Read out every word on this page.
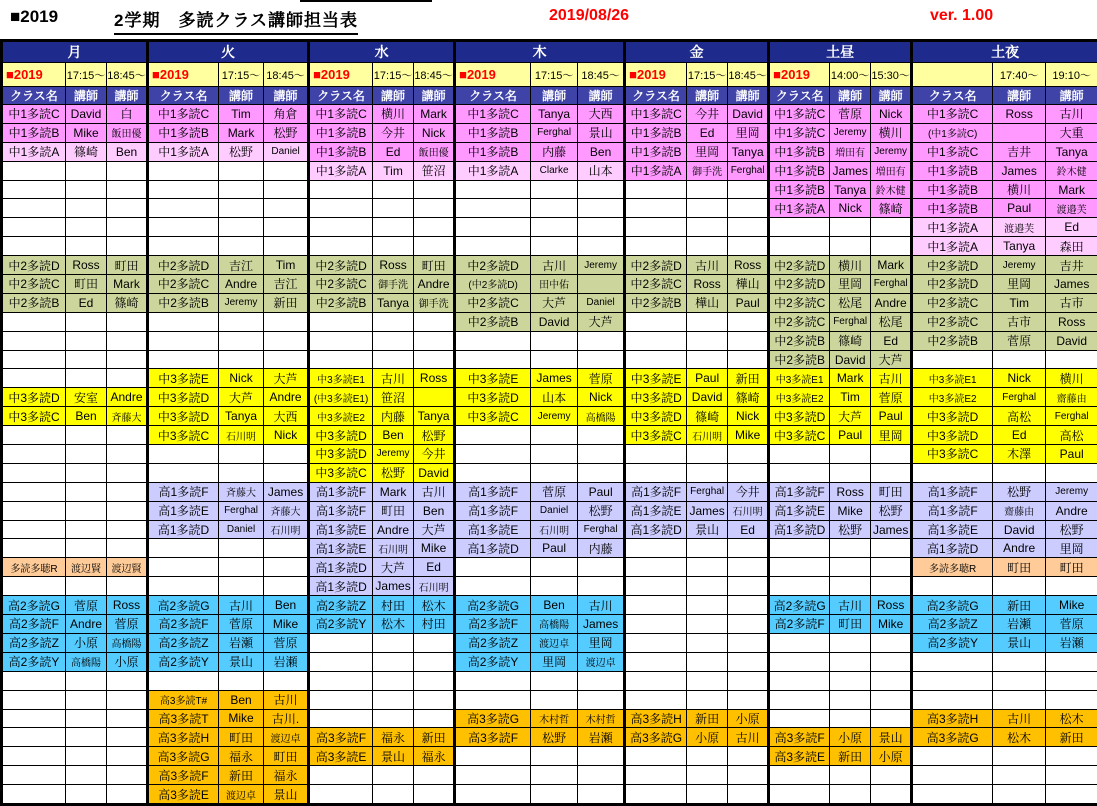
■2019	2学期　多読クラス講師担当表	2019/08/26	ver. 1.00
月			火			水			木			金			土昼			土夜		
■2019	17:15～	18:45～	■2019	17:15～	18:45～	■2019	17:15～	18:45～	■2019	17:15～	18:45～	■2019	17:15～	18:45～	■2019	14:00～	15:30～		17:40～	19:10～
クラス名	講師	講師	クラス名	講師	講師	クラス名	講師	講師	クラス名	講師	講師	クラス名	講師	講師	クラス名	講師	講師	クラス名	講師	講師
中1多読C	David	白	中1多読C	Tim	角倉	中1多読C	横川	Mark	中1多読C	Tanya	大西	中1多読C	今井	David	中1多読C	菅原	Nick	中1多読C	Ross	古川
中1多読B	Mike	飯田優	中1多読B	Mark	松野	中1多読B	今井	Nick	中1多読B	Ferghal	景山	中1多読B	Ed	里岡	中1多読C	Jeremy	横川	(中1多読C)		大重
中1多読A	篠崎	Ben	中1多読A	松野	Daniel	中1多読B	Ed	飯田優	中1多読B	内藤	Ben	中1多読B	里岡	Tanya	中1多読B	増田有	Jeremy	中1多読C	吉井	Tanya
						中1多読A	Tim	笹沼	中1多読A	Clarke	山本	中1多読A	御手洗	Ferghal	中1多読B	James	増田有	中1多読B	James	鈴木健
															中1多読B	Tanya	鈴木健	中1多読B	横川	Mark
															中1多読A	Nick	篠崎	中1多読B	Paul	渡邉芙
																		中1多読A	渡邉芙	Ed
																		中1多読A	Tanya	森田
中2多読D	Ross	町田	中2多読D	吉江	Tim	中2多読D	Ross	町田	中2多読D	古川	Jeremy	中2多読D	古川	Ross	中2多読D	横川	Mark	中2多読D	Jeremy	吉井
中2多読C	町田	Mark	中2多読C	Andre	吉江	中2多読C	御手洗	Andre	(中2多読D)	田中佑		中2多読C	Ross	樺山	中2多読D	里岡	Ferghal	中2多読D	里岡	James
中2多読B	Ed	篠崎	中2多読B	Jeremy	新田	中2多読B	Tanya	御手洗	中2多読C	大芦	Daniel	中2多読B	樺山	Paul	中2多読C	松尾	Andre	中2多読C	Tim	古市
									中2多読B	David	大芦				中2多読C	Ferghal	松尾	中2多読C	古市	Ross
															中2多読B	篠崎	Ed	中2多読B	菅原	David
															中2多読B	David	大芦			
			中3多読E	Nick	大芦	中3多読E1	古川	Ross	中3多読E	James	菅原	中3多読E	Paul	新田	中3多読E1	Mark	古川	中3多読E1	Nick	横川
中3多読D	安室	Andre	中3多読D	大芦	Andre	(中3多読E1)	笹沼		中3多読D	山本	Nick	中3多読D	David	篠崎	中3多読E2	Tim	菅原	中3多読E2	Ferghal	齋藤由
中3多読C	Ben	斉藤大	中3多読D	Tanya	大西	中3多読E2	内藤	Tanya	中3多読C	Jeremy	高橋陽	中3多読D	篠崎	Nick	中3多読D	大芦	Paul	中3多読D	高松	Ferghal
			中3多読C	石川明	Nick	中3多読D	Ben	松野				中3多読C	石川明	Mike	中3多読C	Paul	里岡	中3多読D	Ed	高松
						中3多読D	Jeremy	今井										中3多読C	木澤	Paul
						中3多読C	松野	David												
			高1多読F	斉藤大	James	高1多読F	Mark	古川	高1多読F	菅原	Paul	高1多読F	Ferghal	今井	高1多読F	Ross	町田	高1多読F	松野	Jeremy
			高1多読E	Ferghal	斉藤大	高1多読F	町田	Ben	高1多読F	Daniel	松野	高1多読E	James	石川明	高1多読E	Mike	松野	高1多読F	齋藤由	Andre
			高1多読D	Daniel	石川明	高1多読E	Andre	大芦	高1多読E	石川明	Ferghal	高1多読D	景山	Ed	高1多読D	松野	James	高1多読E	David	松野
						高1多読E	石川明	Mike	高1多読D	Paul	内藤							高1多読D	Andre	里岡
多読多聴R	渡辺賢	渡辺賢				高1多読D	大芦	Ed										多読多聴R	町田	町田
						高1多読D	James	石川明												
高2多読G	菅原	Ross	高2多読G	古川	Ben	高2多読Z	村田	松木	高2多読G	Ben	古川				高2多読G	古川	Ross	高2多読G	新田	Mike
高2多読F	Andre	菅原	高2多読F	菅原	Mike	高2多読Y	松木	村田	高2多読F	高橋陽	James				高2多読F	町田	Mike	高2多読Z	岩瀬	菅原
高2多読Z	小原	高橋陽	高2多読Z	岩瀬	菅原				高2多読Z	渡辺卓	里岡							高2多読Y	景山	岩瀬
高2多読Y	高橋陽	小原	高2多読Y	景山	岩瀬				高2多読Y	里岡	渡辺卓									

			高3多読T#	Ben	古川															
			高3多読T	Mike	古川.				高3多読G	木村哲	木村哲	高3多読H	新田	小原				高3多読H	古川	松木
			高3多読H	町田	渡辺卓	高3多読F	福永	新田	高3多読F	松野	岩瀬	高3多読G	小原	古川	高3多読F	小原	景山	高3多読G	松木	新田
			高3多読G	福永	町田	高3多読E	景山	福永							高3多読E	新田	小原			
			高3多読F	新田	福永															
			高3多読E	渡辺卓	景山															
